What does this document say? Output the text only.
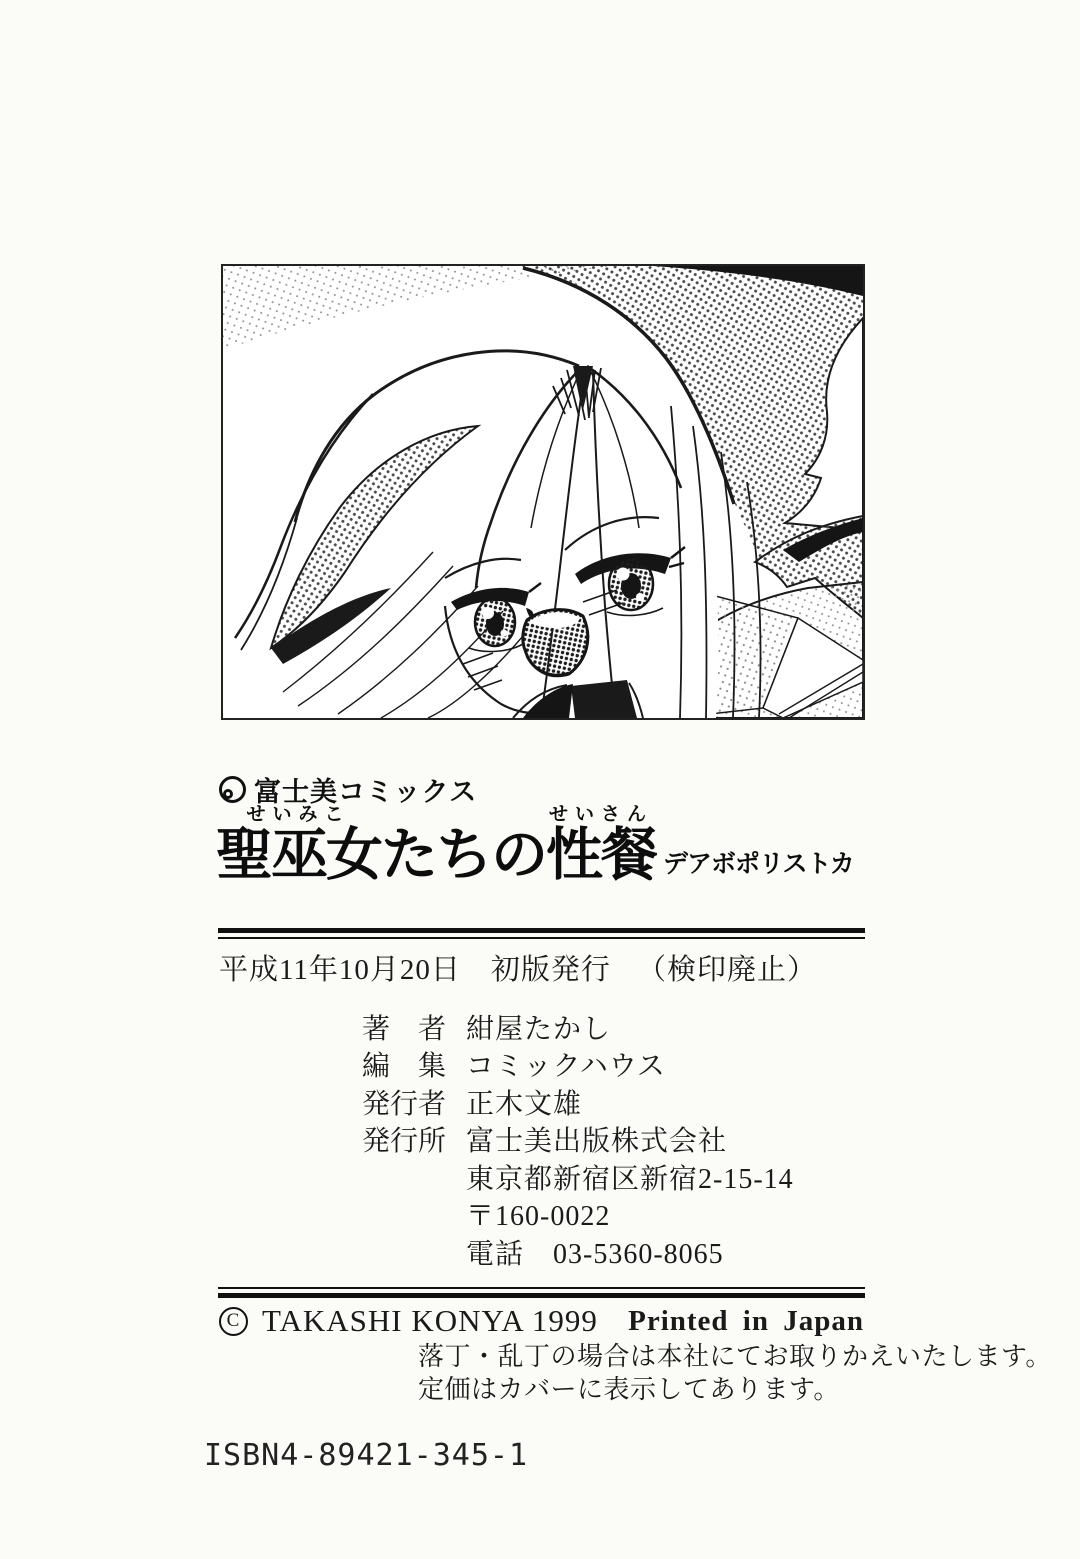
富士美コミックス
聖巫女せいみこたちの性餐せいさん
デアボポリストカ
平成11年10月20日　初版発行 （検印廃止）
著　者 紺屋たかし
編　集 コミックハウス
発行者 正木文雄
発行所 富士美出版株式会社
東京都新宿区新宿2-15-14
〒160-0022
電話　03-5360-8065
C TAKASHI KONYA 1999 Printed in Japan
落丁・乱丁の場合は本社にてお取りかえいたします。
定価はカバーに表示してあります。
ISBN4-89421-345-1
